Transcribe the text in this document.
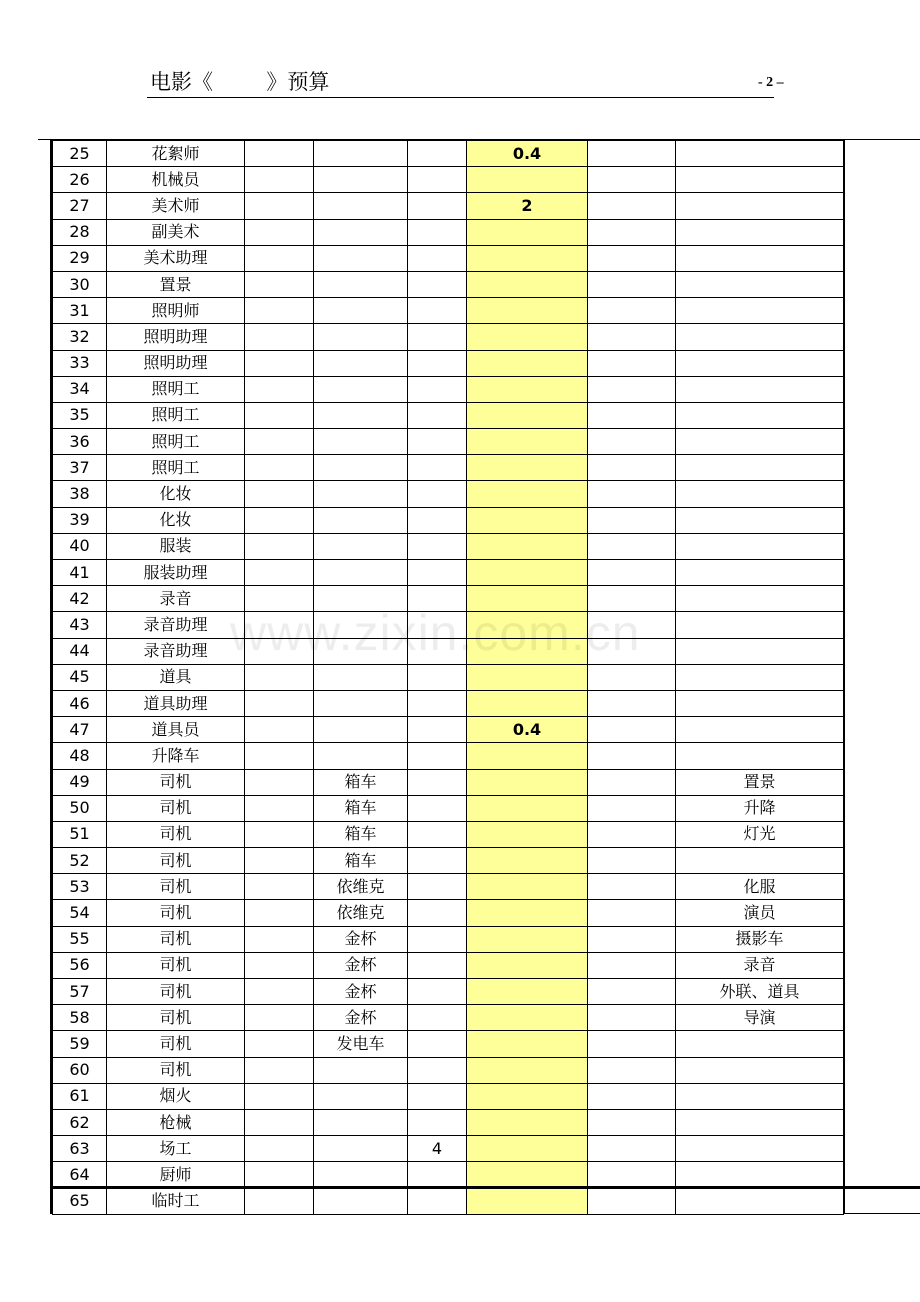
电影《        》预算	- 2 –
25	花絮师				0.4		
26	机械员						
27	美术师				2		
28	副美术						
29	美术助理						
30	置景						
31	照明师						
32	照明助理						
33	照明助理						
34	照明工						
35	照明工						
36	照明工						
37	照明工						
38	化妆						
39	化妆						
40	服装						
41	服装助理						
42	录音						
43	录音助理						
44	录音助理						
45	道具						
46	道具助理						
47	道具员				0.4		
48	升降车						
49	司机		箱车				置景
50	司机		箱车				升降
51	司机		箱车				灯光
52	司机		箱车				
53	司机		依维克				化服
54	司机		依维克				演员
55	司机		金杯				摄影车
56	司机		金杯				录音
57	司机		金杯				外联、道具
58	司机		金杯				导演
59	司机		发电车				
60	司机						
61	烟火						
62	枪械						
63	场工			4			
64	厨师						
65	临时工						
www.zixin.com.cn
